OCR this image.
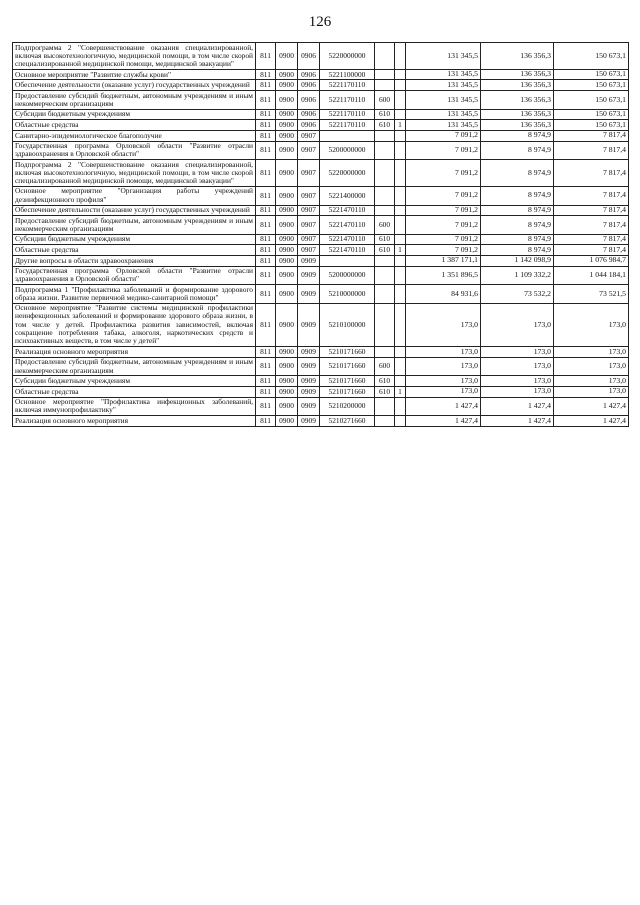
126
Подпрограмма 2 "Совершенствование оказания специализированной, включая высокотехнологичную, медицинской помощи, в том числе скорой специализированной медицинской помощи, медицинской эвакуации"	811	0900	0906	5220000000			131 345,5	136 356,3	150 673,1
Основное мероприятие "Развитие службы крови"	811	0900	0906	5221100000			131 345,5	136 356,3	150 673,1
Обеспечение деятельности (оказание услуг) государственных учреждений	811	0900	0906	5221170110			131 345,5	136 356,3	150 673,1
Предоставление субсидий бюджетным, автономным учреждениям и иным некоммерческим организациям	811	0900	0906	5221170110	600		131 345,5	136 356,3	150 673,1
Субсидии бюджетным учреждениям	811	0900	0906	5221170110	610		131 345,5	136 356,3	150 673,1
Областные средства	811	0900	0906	5221170110	610	1	131 345,5	136 356,3	150 673,1
Санитарно-эпидемиологическое благополучие	811	0900	0907				7 091,2	8 974,9	7 817,4
Государственная программа Орловской области "Развитие отрасли здравоохранения в Орловской области"	811	0900	0907	5200000000			7 091,2	8 974,9	7 817,4
Подпрограмма 2 "Совершенствование оказания специализированной, включая высокотехнологичную, медицинской помощи, в том числе скорой специализированной медицинской помощи, медицинской эвакуации"	811	0900	0907	5220000000			7 091,2	8 974,9	7 817,4
Основное мероприятие "Организация работы учреждений дезинфекционного профиля"	811	0900	0907	5221400000			7 091,2	8 974,9	7 817,4
Обеспечение деятельности (оказание услуг) государственных учреждений	811	0900	0907	5221470110			7 091,2	8 974,9	7 817,4
Предоставление субсидий бюджетным, автономным учреждениям и иным некоммерческим организациям	811	0900	0907	5221470110	600		7 091,2	8 974,9	7 817,4
Субсидии бюджетным учреждениям	811	0900	0907	5221470110	610		7 091,2	8 974,9	7 817,4
Областные средства	811	0900	0907	5221470110	610	1	7 091,2	8 974,9	7 817,4
Другие вопросы в области здравоохранения	811	0900	0909				1 387 171,1	1 142 098,9	1 076 984,7
Государственная программа Орловской области "Развитие отрасли здравоохранения в Орловской области"	811	0900	0909	5200000000			1 351 896,5	1 109 332,2	1 044 184,1
Подпрограмма 1 "Профилактика заболеваний и формирование здорового образа жизни. Развитие первичной медико-санитарной помощи"	811	0900	0909	5210000000			84 931,6	73 532,2	73 521,5
Основное мероприятие "Развитие системы медицинской профилактики неинфекционных заболеваний и формирование здорового образа жизни, в том числе у детей. Профилактика развития зависимостей, включая сокращение потребления табака, алкоголя, наркотических средств и психоактивных веществ, в том числе у детей"	811	0900	0909	5210100000			173,0	173,0	173,0
Реализация основного мероприятия	811	0900	0909	5210171660			173,0	173,0	173,0
Предоставление субсидий бюджетным, автономным учреждениям и иным некоммерческим организациям	811	0900	0909	5210171660	600		173,0	173,0	173,0
Субсидии бюджетным учреждениям	811	0900	0909	5210171660	610		173,0	173,0	173,0
Областные средства	811	0900	0909	5210171660	610	1	173,0	173,0	173,0
Основное мероприятие "Профилактика инфекционных заболеваний, включая иммунопрофилактику"	811	0900	0909	5210200000			1 427,4	1 427,4	1 427,4
Реализация основного мероприятия	811	0900	0909	5210271660			1 427,4	1 427,4	1 427,4
